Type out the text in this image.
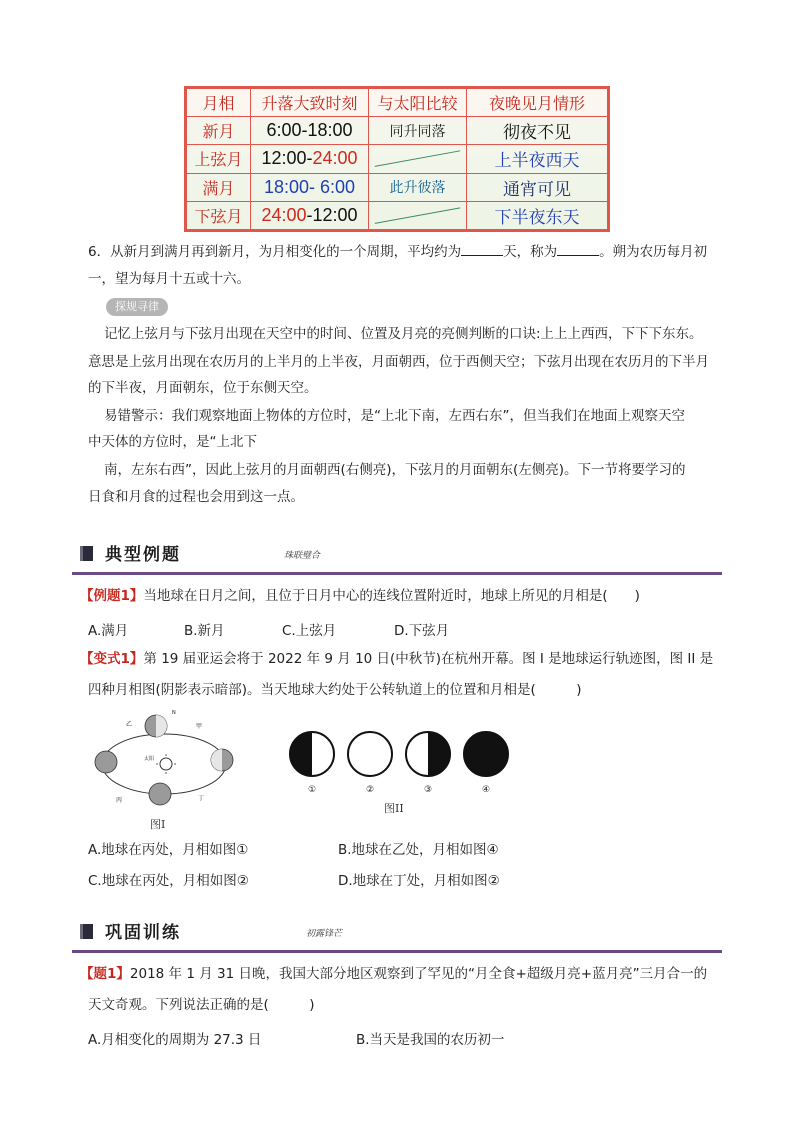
月相	升落大致时刻	与太阳比较	夜晚见月情形
新月	6:00-18:00	同升同落	彻夜不见
上弦月	12:00-24:00		上半夜西天
满月	18:00- 6:00	此升彼落	通宵可见
下弦月	24:00-12:00		下半夜东天
6．从新月到满月再到新月，为月相变化的一个周期，平均约为	天，称为	。朔为农历每月初
一，望为每月十五或十六。
探规寻律
记忆上弦月与下弦月出现在天空中的时间、位置及月亮的亮侧判断的口诀:上上上西西，下下下东东。
意思是上弦月出现在农历月的上半月的上半夜，月面朝西，位于西侧天空；下弦月出现在农历月的下半月
的下半夜，月面朝东，位于东侧天空。
易错警示：我们观察地面上物体的方位时，是“上北下南，左西右东”，但当我们在地面上观察天空
中天体的方位时，是“上北下
南，左东右西”，因此上弦月的月面朝西(右侧亮)，下弦月的月面朝东(左侧亮)。下一节将要学习的
日食和月食的过程也会用到这一点。
典型例题	珠联璧合
【例题1】当地球在日月之间，且位于日月中心的连线位置附近时，地球上所见的月相是(　　)
A.满月	B.新月	C.上弦月	D.下弦月
【变式1】第 19 届亚运会将于 2022 年 9 月 10 日(中秋节)在杭州开幕。图 I 是地球运行轨迹图，图 II 是
四种月相图(阴影表示暗部)。当天地球大约处于公转轨道上的位置和月相是(　　　)
太阳
乙	甲
丙	丁
N
图Ⅰ
①	②	③	④
图II
A.地球在丙处，月相如图①	B.地球在乙处，月相如图④
C.地球在丙处，月相如图②	D.地球在丁处，月相如图②
巩固训练	初露锋芒
【题1】2018 年 1 月 31 日晚，我国大部分地区观察到了罕见的“月全食+超级月亮+蓝月亮”三月合一的
天文奇观。下列说法正确的是(　　　)
A.月相变化的周期为 27.3 日	B.当天是我国的农历初一
